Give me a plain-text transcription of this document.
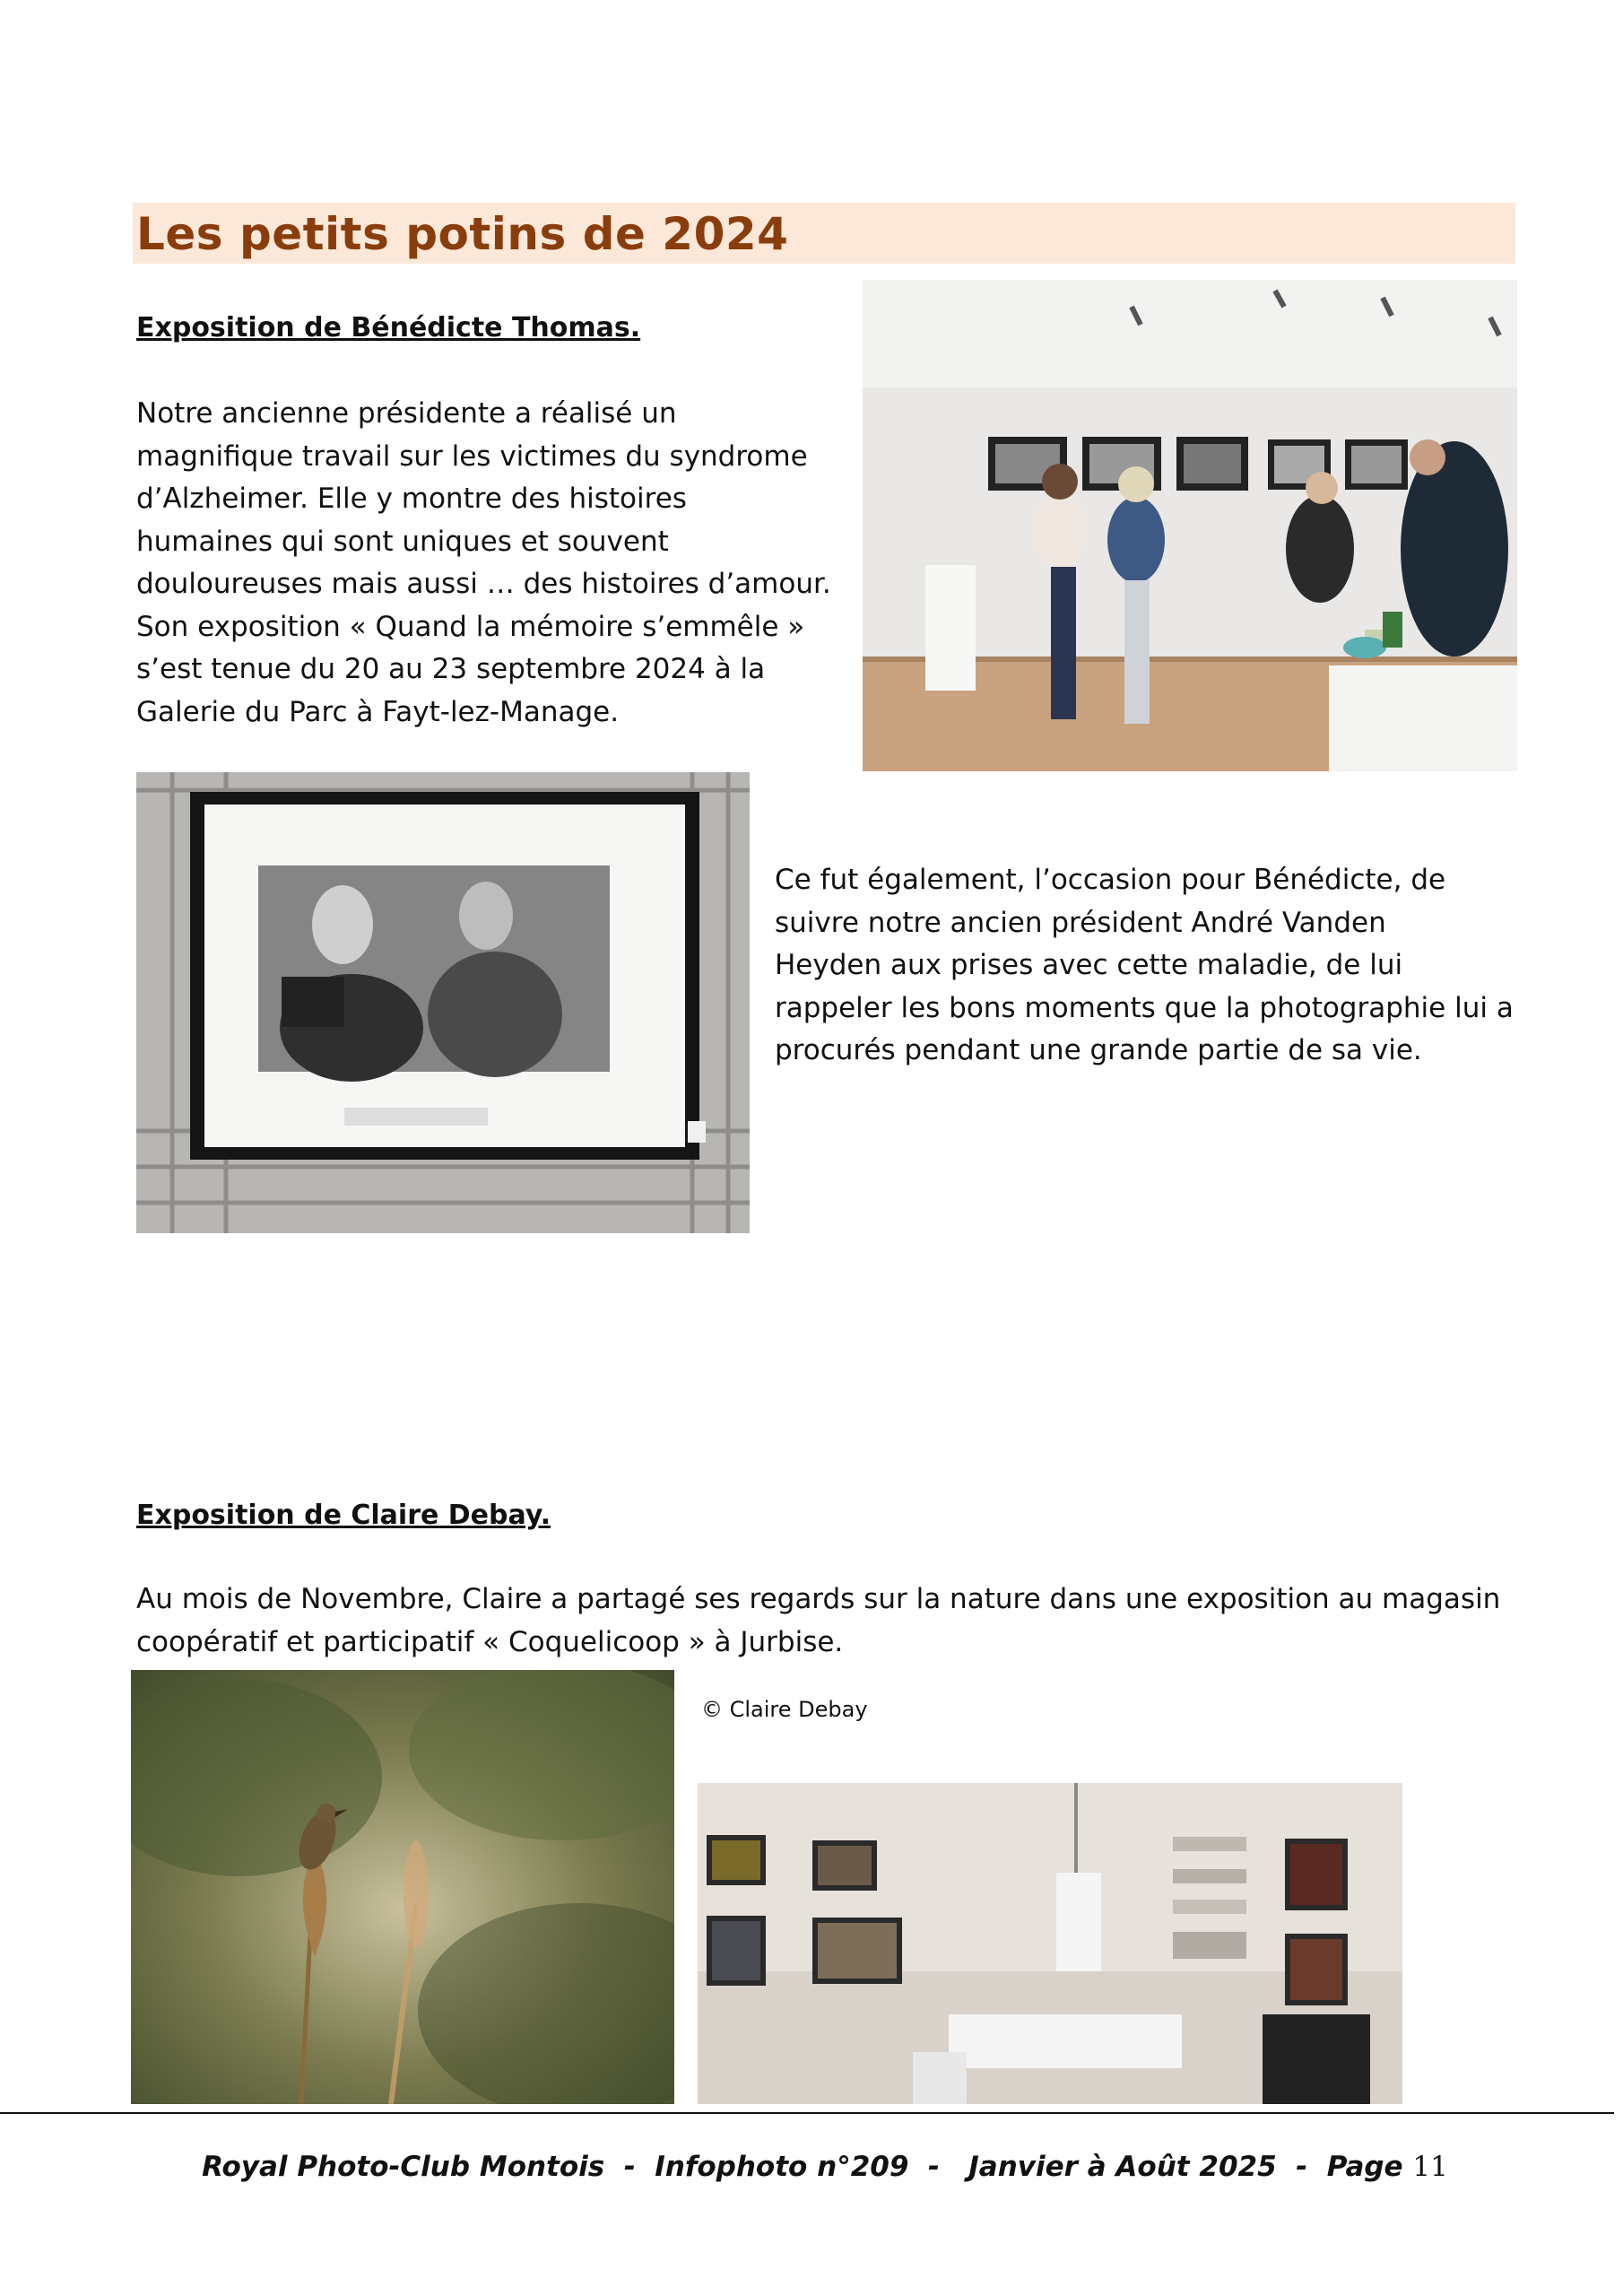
Les petits potins de 2024
Exposition de Bénédicte Thomas.
Notre ancienne présidente a réalisé un
magnifique travail sur les victimes du syndrome
d’Alzheimer. Elle y montre des histoires
humaines qui sont uniques et souvent
douloureuses mais aussi … des histoires d’amour.
Son exposition « Quand la mémoire s’emmêle »
s’est tenue du 20 au 23 septembre 2024 à la
Galerie du Parc à Fayt-lez-Manage.
Ce fut également, l’occasion pour Bénédicte, de
suivre notre ancien président André Vanden
Heyden aux prises avec cette maladie, de lui
rappeler les bons moments que la photographie lui a
procurés pendant une grande partie de sa vie.
Exposition de Claire Debay.
Au mois de Novembre, Claire a partagé ses regards sur la nature dans une exposition au magasin
coopératif et participatif « Coquelicoop » à Jurbise.
© Claire Debay
Royal Photo-Club Montois  -  Infophoto n°209  -   Janvier à Août 2025  -  Page 11
